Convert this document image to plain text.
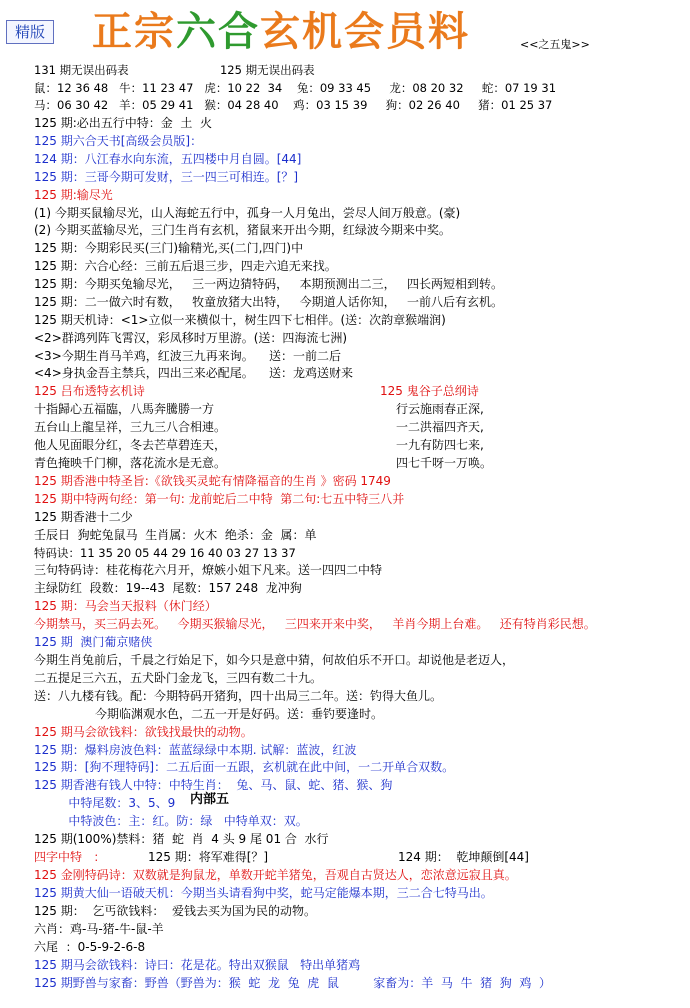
精版 正宗六合玄机会员料	<<之五鬼>>
131 期无误出码表                         125 期无误出码表
鼠：12 36 48   牛：11 23 47   虎：10 22  34    兔：09 33 45     龙：08 20 32     蛇：07 19 31
马：06 30 42   羊：05 29 41   猴：04 28 40    鸡：03 15 39     狗：02 26 40     猪：01 25 37
125 期:必出五行中特：金  土  火
125 期六合天书[高级会员版]：
124 期：八江春水向东流，五四楼中月自圆。[44]
125 期：三哥今期可发财，三一四三可相连。[？]
125 期:输尽光
(1) 今期买鼠输尽光，山人海蛇五行中，孤身一人月兔出，尝尽人间万般意。(豪)
(2) 今期买蓝输尽光，三门生肖有玄机，猪鼠来开出今期，红绿波今期来中奖。
125 期：今期彩民买(三门)输精光,买(二门,四门)中
125 期：六合心经：三前五后退三步，四走六追无来找。
125 期：今期买兔输尽光，   三一两边猜特码，   本期预测出二三，   四长两短相到转。
125 期：二一做六时有数，   牧童放猪大出特，   今期道人话你知，   一前八后有玄机。
125 期天机诗：<1>立似一来横似十，树生四下七相伴。(送：次韵章猴端润)
<2>群鸿列阵飞霄汉，彩凤移时万里游。(送：四海流七洲)
<3>今期生肖马羊鸡，红波三九再来询。    送：一前二后
<4>身执金吾主禁兵，四出三来必配尾。    送：龙鸡送财来
125 吕布透特玄机诗	125 鬼谷子总纲诗
十指歸心五福臨，八馬奔騰勝一方	行云施雨春正深,
五台山上龍呈祥，三九三八合相連。	一二洪福四齐天,
他人见面眼分红，冬去芒草碧连天，	一九有防四七来,
青色掩映千门柳，落花流水是无意。	四七千呀一万唤。
125 期香港中特圣旨:《欲钱买灵蛇有情降福音的生肖 》密码 1749
125 期中特两句经：第一句: 龙前蛇后二中特  第二句:七五中特三八并
125 期香港十二少
壬辰日  狗蛇兔鼠马  生肖属：火木  绝杀：金  属：单
特码诀：11 35 20 05 44 29 16 40 03 27 13 37
三句特码诗：桂花梅花六月开，燎嫉小姐下凡来。送一四四二中特
主绿防红  段数：19--43  尾数：157 248  龙冲狗
125 期：马会当天报料（休门经）
今期禁马，买三码去死。   今期买猴输尽光，   三四来开来中奖，   羊肖今期上台难。   还有特肖彩民想。
125 期  澳门葡京赌侠
今期生肖兔前后，千晨之行始足下，如今只是意中猜，何故伯乐不开口。却说他是老迈人，
二五提足三六五，五犬卧门金龙飞，三四有数二十九。
送：八九楼有钱。配：今期特码开猪狗，四十出局三二年。送：钓得大鱼儿。
今期临渊观水色，二五一开是好码。送：垂钓要逢时。
125 期马会欲钱料：欲钱找最快的动物。
125 期：爆料房波色料：蓝蓝绿绿中本期. 试解：蓝波，红波
125 期：[狗不理特码]：二五后面一五跟，玄机就在此中间，一二开单合双数。
125 期香港有钱人中特：中特生肖：  兔、马、鼠、蛇、猪、猴、狗
中特尾数：3、5、9 内部五
中特波色：主：红。防：绿   中特单双：双。
125 期(100%)禁料：猪  蛇  肖  4 头 9 尾 01 合  水行
四字中特   ：	125 期：将军难得[？]	124 期：  乾坤颠倒[44]
125 金刚特码诗：双数就是狗鼠龙，单数开蛇羊猪兔，吾观自古贤达人，恋浓意远寂且真。
125 期黄大仙一语破天机：今期当头请看狗中奖，蛇马定能爆本期，三二合七特马出。
125 期：  乞丐欲钱料：  爱钱去买为国为民的动物。
六肖：鸡-马-猪-牛-鼠-羊
六尾  ：0-5-9-2-6-8
125 期马会欲钱料：诗曰：花是花。特出双猴鼠   特出单猪鸡
125 期野兽与家畜：野兽（野兽为：猴  蛇  龙  兔  虎  鼠         家畜为：羊  马  牛  猪  狗  鸡  ）
